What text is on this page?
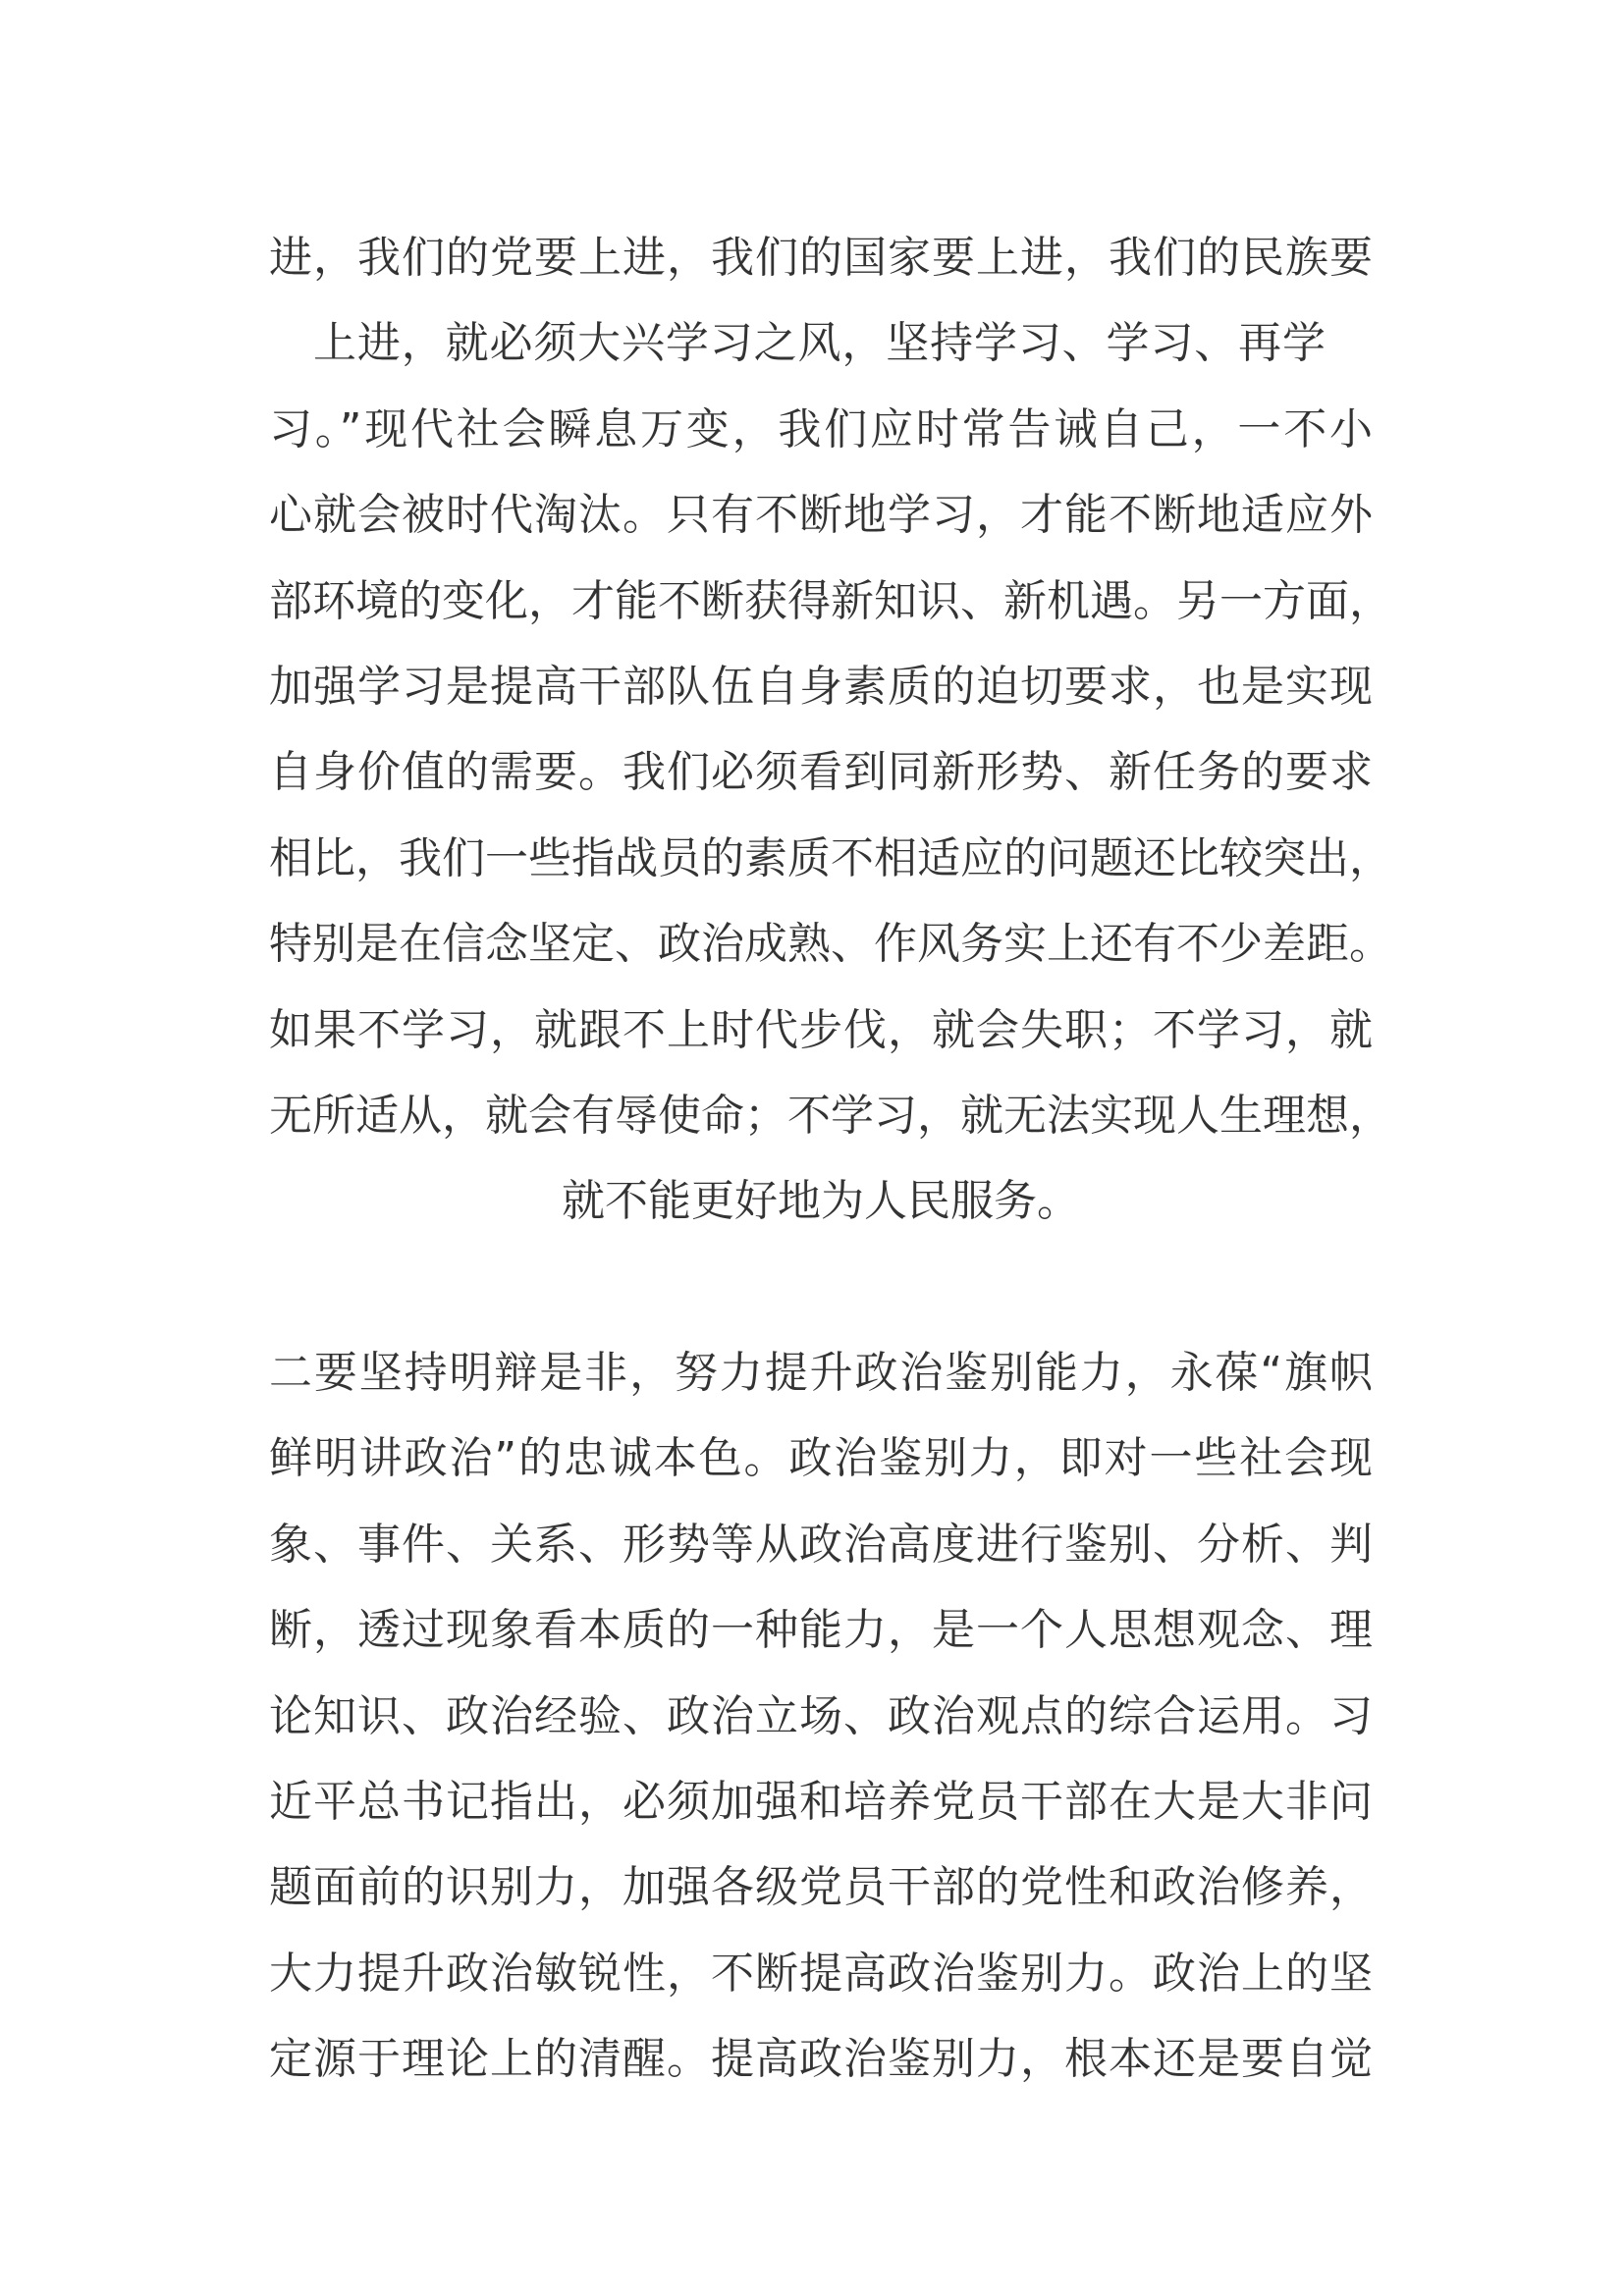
进，我们的党要上进，我们的国家要上进，我们的民族要
上进，就必须大兴学习之风，坚持学习、学习、再学
习。”现代社会瞬息万变，我们应时常告诫自己，一不小
心就会被时代淘汰。只有不断地学习，才能不断地适应外
部环境的变化，才能不断获得新知识、新机遇。另一方面，
加强学习是提高干部队伍自身素质的迫切要求，也是实现
自身价值的需要。我们必须看到同新形势、新任务的要求
相比，我们一些指战员的素质不相适应的问题还比较突出，
特别是在信念坚定、政治成熟、作风务实上还有不少差距。
如果不学习，就跟不上时代步伐，就会失职；不学习，就
无所适从，就会有辱使命；不学习，就无法实现人生理想，
就不能更好地为人民服务。
二要坚持明辩是非，努力提升政治鉴别能力，永葆“旗帜
鲜明讲政治”的忠诚本色。政治鉴别力，即对一些社会现
象、事件、关系、形势等从政治高度进行鉴别、分析、判
断，透过现象看本质的一种能力，是一个人思想观念、理
论知识、政治经验、政治立场、政治观点的综合运用。习
近平总书记指出，必须加强和培养党员干部在大是大非问
题面前的识别力，加强各级党员干部的党性和政治修养，
大力提升政治敏锐性，不断提高政治鉴别力。政治上的坚
定源于理论上的清醒。提高政治鉴别力，根本还是要自觉
